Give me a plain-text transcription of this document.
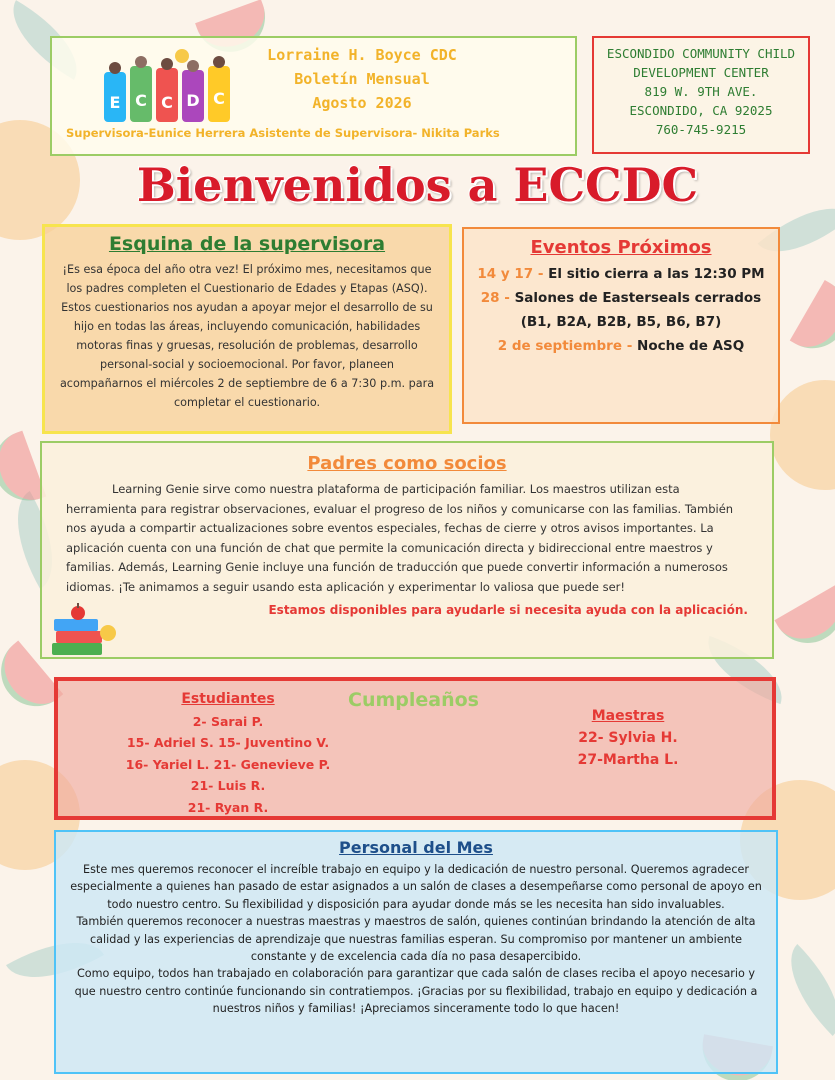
E C C D C
Lorraine H. Boyce CDC
Boletín Mensual
Agosto 2026
Supervisora-Eunice Herrera Asistente de Supervisora- Nikita Parks
ESCONDIDO COMMUNITY CHILD
DEVELOPMENT CENTER
819 W. 9TH AVE.
ESCONDIDO, CA 92025
760-745-9215
Bienvenidos a ECCDC
Esquina de la supervisora
¡Es esa época del año otra vez! El próximo mes, necesitamos que los padres completen el Cuestionario de Edades y Etapas (ASQ). Estos cuestionarios nos ayudan a apoyar mejor el desarrollo de su hijo en todas las áreas, incluyendo comunicación, habilidades motoras finas y gruesas, resolución de problemas, desarrollo personal-social y socioemocional. Por favor, planeen acompañarnos el miércoles 2 de septiembre de 6 a 7:30 p.m. para completar el cuestionario.
Eventos Próximos
14 y 17 - El sitio cierra a las 12:30 PM
28 - Salones de Easterseals cerrados (B1, B2A, B2B, B5, B6, B7)
2 de septiembre - Noche de ASQ
Padres como socios
Learning Genie sirve como nuestra plataforma de participación familiar. Los maestros utilizan esta herramienta para registrar observaciones, evaluar el progreso de los niños y comunicarse con las familias. También nos ayuda a compartir actualizaciones sobre eventos especiales, fechas de cierre y otros avisos importantes. La aplicación cuenta con una función de chat que permite la comunicación directa y bidireccional entre maestros y familias. Además, Learning Genie incluye una función de traducción que puede convertir información a numerosos idiomas. ¡Te animamos a seguir usando esta aplicación y experimentar lo valiosa que puede ser!
Estamos disponibles para ayudarle si necesita ayuda con la aplicación.
Cumpleaños
Estudiantes
2- Sarai P.
15- Adriel S. 15- Juventino V.
16- Yariel L. 21- Genevieve P.
21- Luis R.
21- Ryan R.
Maestras
22- Sylvia H.
27-Martha L.
Personal del Mes

Este mes queremos reconocer el increíble trabajo en equipo y la dedicación de nuestro personal. Queremos agradecer especialmente a quienes han pasado de estar asignados a un salón de clases a desempeñarse como personal de apoyo en todo nuestro centro. Su flexibilidad y disposición para ayudar donde más se les necesita han sido invaluables.

También queremos reconocer a nuestras maestras y maestros de salón, quienes continúan brindando la atención de alta calidad y las experiencias de aprendizaje que nuestras familias esperan. Su compromiso por mantener un ambiente constante y de excelencia cada día no pasa desapercibido.

Como equipo, todos han trabajado en colaboración para garantizar que cada salón de clases reciba el apoyo necesario y que nuestro centro continúe funcionando sin contratiempos. ¡Gracias por su flexibilidad, trabajo en equipo y dedicación a nuestros niños y familias! ¡Apreciamos sinceramente todo lo que hacen!
